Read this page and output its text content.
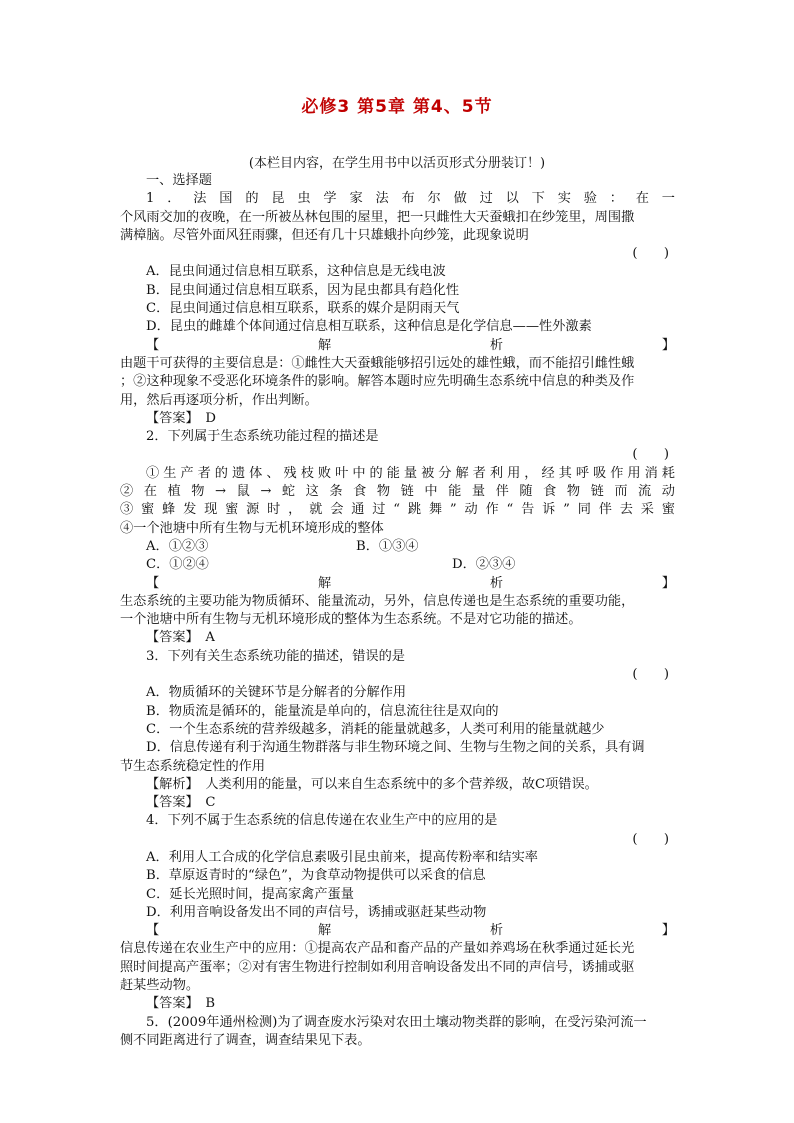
必修3 第5章 第4、5节
(本栏目内容，在学生用书中以活页形式分册装订！)

一、选择题

1．法国的昆虫学家法布尔做过以下实验：在一

个风雨交加的夜晚，在一所被丛林包围的屋里，把一只雌性大天蚕蛾扣在纱笼里，周围撒

满樟脑。尽管外面风狂雨骤，但还有几十只雄蛾扑向纱笼，此现象说明

(　　)

A．昆虫间通过信息相互联系，这种信息是无线电波

B．昆虫间通过信息相互联系，因为昆虫都具有趋化性

C．昆虫间通过信息相互联系，联系的媒介是阴雨天气

D．昆虫的雌雄个体间通过信息相互联系，这种信息是化学信息——性外激素

【	解	析	】

由题干可获得的主要信息是：①雌性大天蚕蛾能够招引远处的雄性蛾，而不能招引雌性蛾

；②这种现象不受恶化环境条件的影响。解答本题时应先明确生态系统中信息的种类及作

用，然后再逐项分析，作出判断。

【答案】　D

2．下列属于生态系统功能过程的描述是

(　　)

①生产者的遗体、残枝败叶中的能量被分解者利用，经其呼吸作用消耗

②在植物→鼠→蛇这条食物链中能量伴随食物链而流动

③蜜蜂发现蜜源时，就会通过“跳舞”动作“告诉”同伴去采蜜

④一个池塘中所有生物与无机环境形成的整体

A．①②③	B．①③④
C．①②④	D．②③④
【	解	析	】

生态系统的主要功能为物质循环、能量流动，另外，信息传递也是生态系统的重要功能，

一个池塘中所有生物与无机环境形成的整体为生态系统。不是对它功能的描述。

【答案】　A

3．下列有关生态系统功能的描述，错误的是

(　　)

A．物质循环的关键环节是分解者的分解作用

B．物质流是循环的，能量流是单向的，信息流往往是双向的

C．一个生态系统的营养级越多，消耗的能量就越多，人类可利用的能量就越少

D．信息传递有利于沟通生物群落与非生物环境之间、生物与生物之间的关系，具有调

节生态系统稳定性的作用

【解析】　人类利用的能量，可以来自生态系统中的多个营养级，故C项错误。

【答案】　C

4．下列不属于生态系统的信息传递在农业生产中的应用的是

(　　)

A．利用人工合成的化学信息素吸引昆虫前来，提高传粉率和结实率

B．草原返青时的“绿色”，为食草动物提供可以采食的信息

C．延长光照时间，提高家禽产蛋量

D．利用音响设备发出不同的声信号，诱捕或驱赶某些动物

【	解	析	】

信息传递在农业生产中的应用：①提高农产品和畜产品的产量如养鸡场在秋季通过延长光

照时间提高产蛋率；②对有害生物进行控制如利用音响设备发出不同的声信号，诱捕或驱

赶某些动物。

【答案】　B

5．(2009年通州检测)为了调查废水污染对农田土壤动物类群的影响，在受污染河流一

侧不同距离进行了调查，调查结果见下表。
